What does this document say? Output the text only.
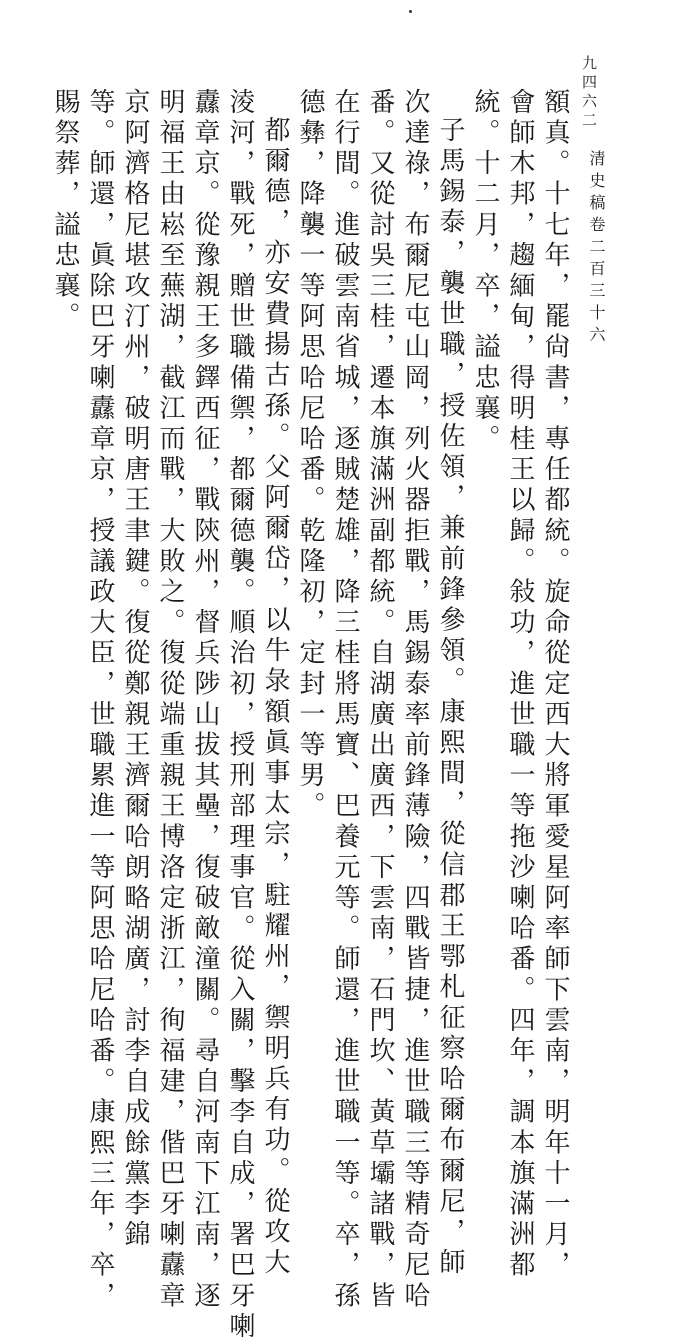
九四六二
額真。十七年，罷尙書，專任都統。旋命從定西大將軍愛星阿率師下雲南，明年十一月，
會師木邦，趨緬甸，得明桂王以歸。敍功，進世職一等拖沙喇哈番。四年，調本旗滿洲都
統。十二月，卒，謚忠襄。
子馬錫泰，襲世職，授佐領，兼前鋒參領。康熙間，從信郡王鄂札征察哈爾布爾尼，師
次達祿，布爾尼屯山岡，列火器拒戰，馬錫泰率前鋒薄險，四戰皆捷，進世職三等精奇尼哈
番。又從討吳三桂，遷本旗滿洲副都統。自湖廣出廣西，下雲南，石門坎、黃草壩諸戰，皆
在行間。進破雲南省城，逐賊楚雄，降三桂將馬寶、巴養元等。師還，進世職一等。卒，孫
德彝，降襲一等阿思哈尼哈番。乾隆初，定封一等男。
都爾德，亦安費揚古孫。父阿爾岱，以牛彔額眞事太宗，駐耀州，禦明兵有功。從攻大
淩河，戰死，贈世職備禦，都爾德襲。順治初，授刑部理事官。從入關，擊李自成，署巴牙喇
纛章京。從豫親王多鐸西征，戰陝州，督兵陟山拔其壘，復破敵潼關。尋自河南下江南，逐
明福王由崧至蕪湖，截江而戰，大敗之。復從端重親王博洛定浙江，徇福建，偕巴牙喇纛章
京阿濟格尼堪攻汀州，破明唐王聿鍵。復從鄭親王濟爾哈朗略湖廣，討李自成餘黨李錦
等。師還，眞除巴牙喇纛章京，授議政大臣，世職累進一等阿思哈尼哈番。康熙三年，卒，
賜祭葬，謚忠襄。	清史稿卷二百三十六
